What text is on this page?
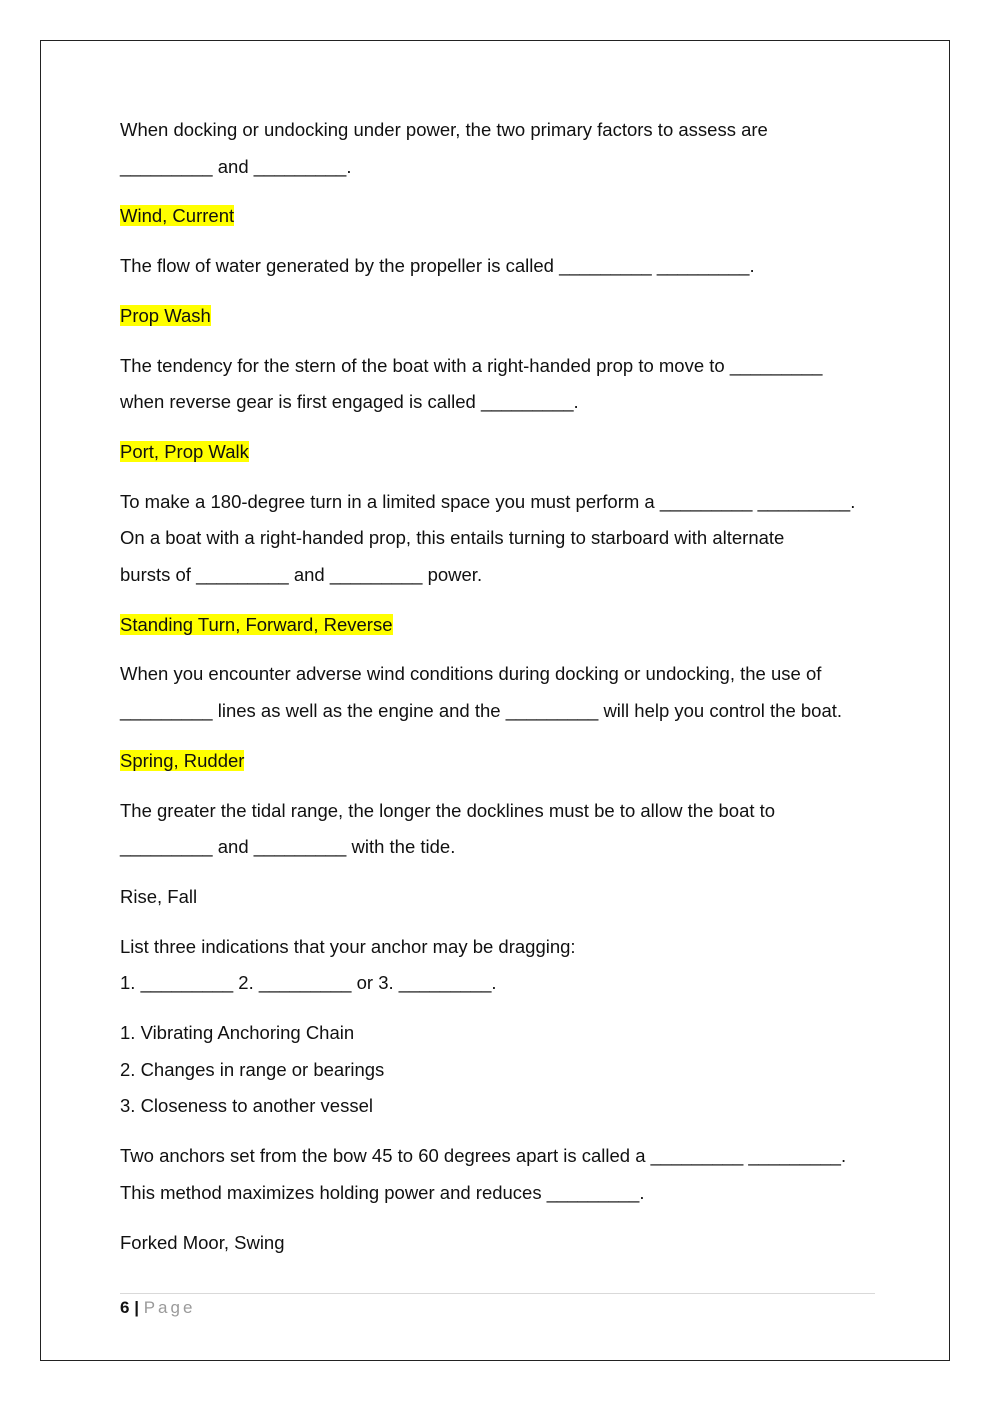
When docking or undocking under power, the two primary factors to assess are
_________ and _________.
Wind, Current
The flow of water generated by the propeller is called _________ _________.
Prop Wash
The tendency for the stern of the boat with a right-handed prop to move to _________
when reverse gear is first engaged is called _________.
Port, Prop Walk
To make a 180-degree turn in a limited space you must perform a _________ _________.
On a boat with a right-handed prop, this entails turning to starboard with alternate
bursts of _________ and _________ power.
Standing Turn, Forward, Reverse
When you encounter adverse wind conditions during docking or undocking, the use of
_________ lines as well as the engine and the _________ will help you control the boat.
Spring, Rudder
The greater the tidal range, the longer the docklines must be to allow the boat to
_________ and _________ with the tide.
Rise, Fall
List three indications that your anchor may be dragging:
1. _________ 2. _________ or 3. _________.
1. Vibrating Anchoring Chain
2. Changes in range or bearings
3. Closeness to another vessel
Two anchors set from the bow 45 to 60 degrees apart is called a _________ _________.
This method maximizes holding power and reduces _________.
Forked Moor, Swing
6 | Page
